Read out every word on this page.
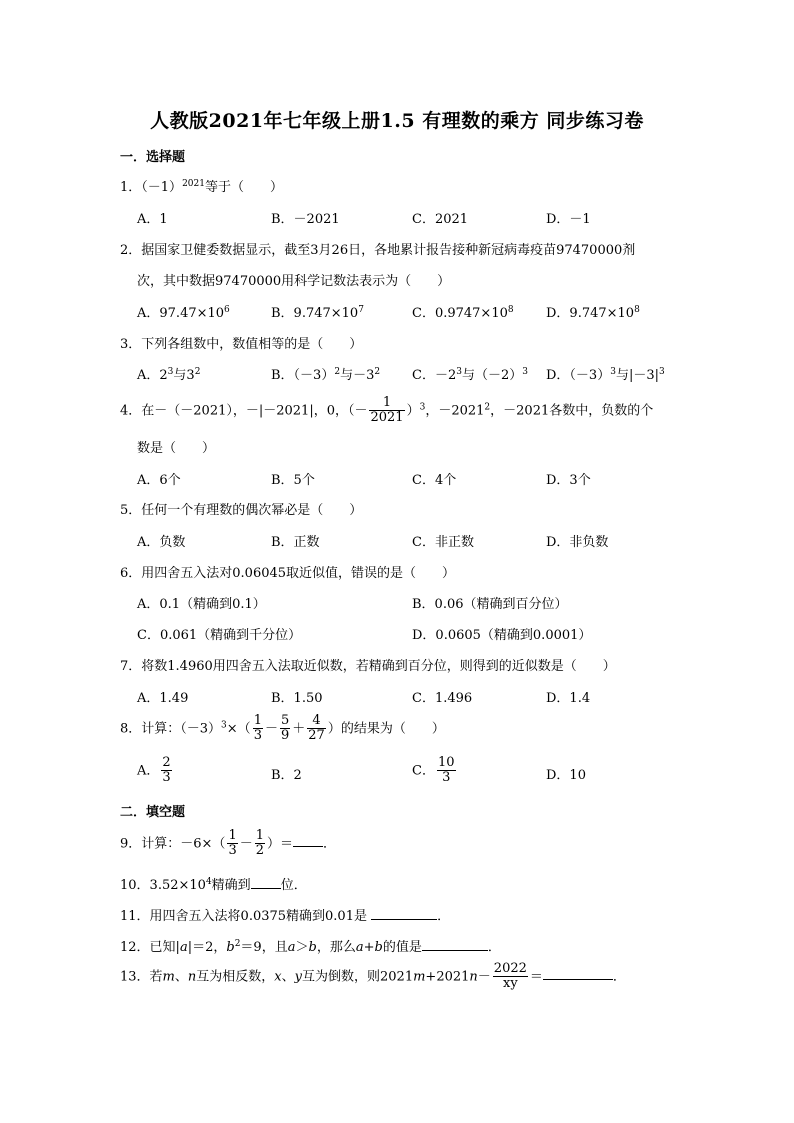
人教版2021年七年级上册1.5 有理数的乘方 同步练习卷
一．选择题
1．$(-1)^{2021}$等于（　　）
A．1	B．－2021	C．2021	D．－1
2．据国家卫健委数据显示，截至3月26日，各地累计报告接种新冠病毒疫苗97470000剂
次，其中数据97470000用科学记数法表示为（　　）
A．$97.47\times 10^6$	B．$9.747\times 10^7$	C．$0.9747\times 10^8$ D．$9.747\times 10^8$
3．下列各组数中，数值相等的是（　　）
A．$2^3$与$3^2$	B．$(-3)^2$与$-3^2$ C．$-2^3$与$(-2)^3$ D．$(-3)^3$与$|-3|^3$
4．在－（－2021），－|－2021|，0，（－ $\frac{1}{2021} )^3$，$-2021^2$，－2021各数中，负数的个
数是（　　）
A．6个	B．5个	C．4个	D．3个
5．任何一个有理数的偶次幂必是（　　）
A．负数	B．正数	C．非正数	D．非负数
6．用四舍五入法对0.06045取近似值，错误的是（　　）
A．0.1（精确到0.1）	B．0.06（精确到百分位）
C．0.061（精确到千分位）	D．0.0605（精确到0.0001）
7．将数1.4960用四舍五入法取近似数，若精确到百分位，则得到的近似数是（　　）
A．1.49	B．1.50	C．1.496	D．1.4
8．计算：$(-3)^3\times( \frac{1}{3} - \frac{5}{9} + \frac{4}{27}$ ）的结果为（　　）
A． $\frac{2}{3}$	B．2	C． $\frac{10}{3}$	D．10
二．填空题
9．计算：$-6\times( \frac{1}{3} - \frac{1}{2}$ ）＝ ．
10．$3.52\times 10^4$精确到 位．
11．用四舍五入法将0.0375精确到0.01是	．
12．已知|a|＝2，$b^2=9$，且a＞b，那么a+b的值是	．
13．若m、n互为相反数，x、y互为倒数，则$2021m+2021n- \frac{2022}{xy}$ ＝	．
